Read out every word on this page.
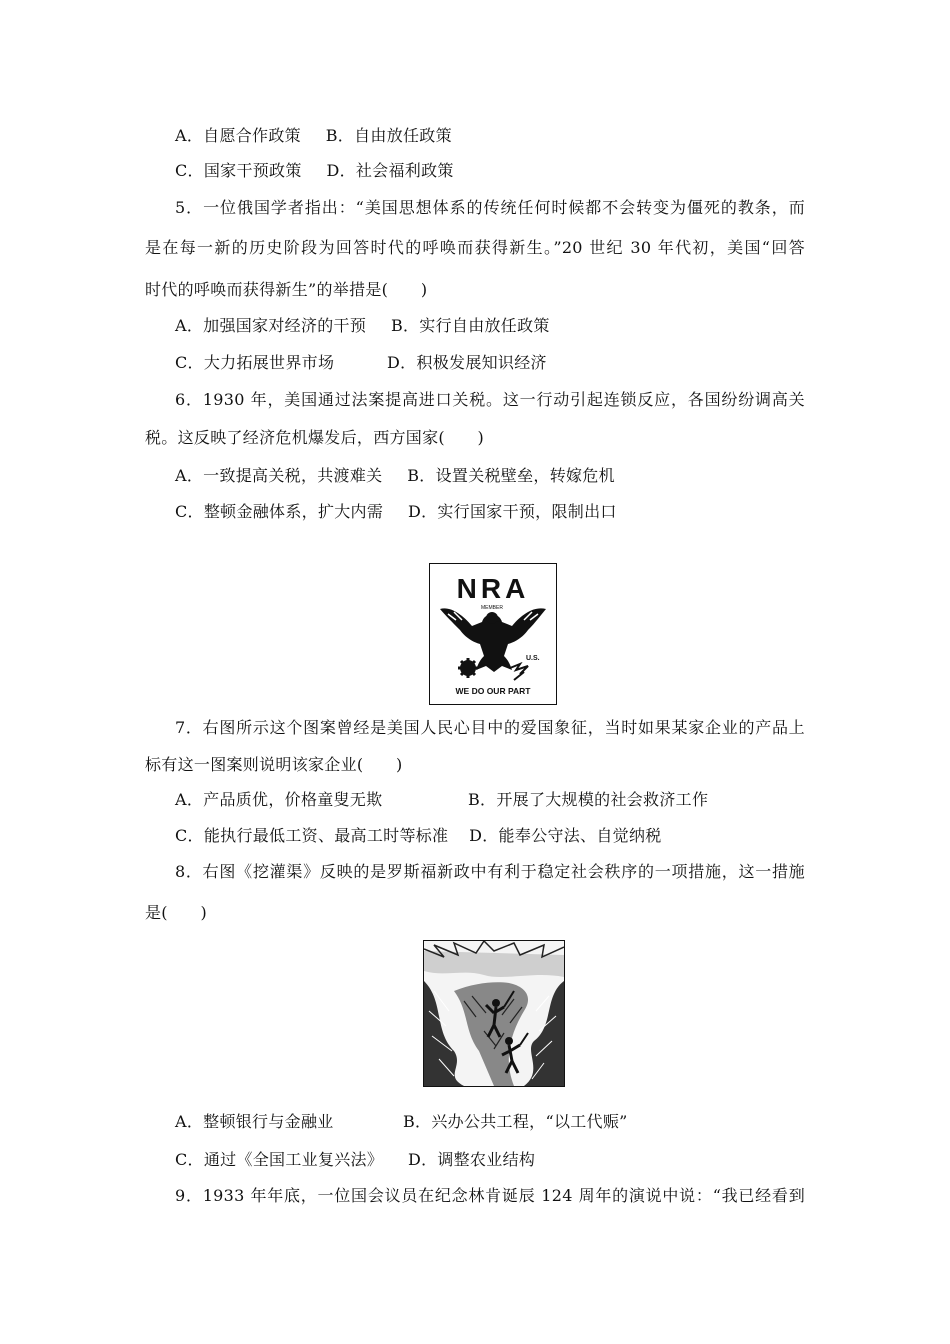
A．自愿合作政策 B．自由放任政策
C．国家干预政策 D．社会福利政策
5．一位俄国学者指出：“美国思想体系的传统任何时候都不会转变为僵死的教条，而
是在每一新的历史阶段为回答时代的呼唤而获得新生。”20 世纪 30 年代初，美国“回答
时代的呼唤而获得新生”的举措是(　　)
A．加强国家对经济的干预 B．实行自由放任政策
C．大力拓展世界市场	D．积极发展知识经济
6．1930 年，美国通过法案提高进口关税。这一行动引起连锁反应，各国纷纷调高关
税。这反映了经济危机爆发后，西方国家(　　)
A．一致提高关税，共渡难关 B．设置关税壁垒，转嫁危机
C．整顿金融体系，扩大内需 D．实行国家干预，限制出口
NRA
MEMBER
U.S.
WE DO OUR PART
7．右图所示这个图案曾经是美国人民心目中的爱国象征，当时如果某家企业的产品上
标有这一图案则说明该家企业(　　)
A．产品质优，价格童叟无欺	B．开展了大规模的社会救济工作
C．能执行最低工资、最高工时等标准 D．能奉公守法、自觉纳税
8．右图《挖灌渠》反映的是罗斯福新政中有利于稳定社会秩序的一项措施，这一措施
是(　　)
A．整顿银行与金融业	B．兴办公共工程，“以工代赈”
C．通过《全国工业复兴法》 D．调整农业结构
9．1933 年年底，一位国会议员在纪念林肯诞辰 124 周年的演说中说：“我已经看到
